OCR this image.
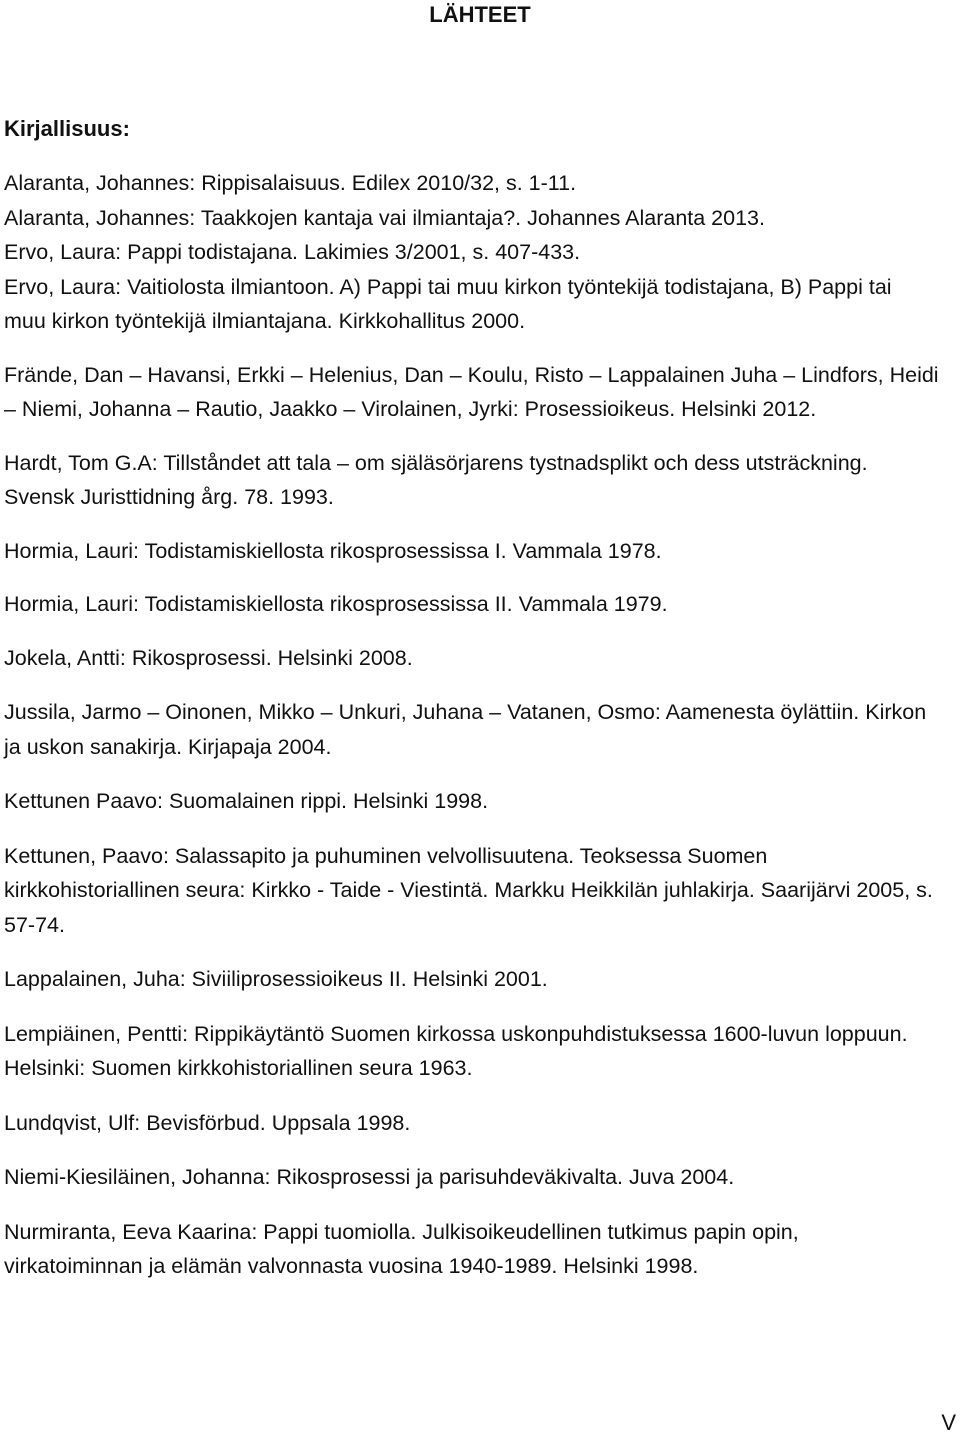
LÄHTEET
Kirjallisuus:

Alaranta, Johannes: Rippisalaisuus. Edilex 2010/32, s. 1-11.

Alaranta, Johannes: Taakkojen kantaja vai ilmiantaja?. Johannes Alaranta 2013.

Ervo, Laura: Pappi todistajana. Lakimies 3/2001, s. 407-433.

Ervo, Laura: Vaitiolosta ilmiantoon. A) Pappi tai muu kirkon työntekijä todistajana, B) Pappi tai muu kirkon työntekijä ilmiantajana. Kirkkohallitus 2000.

Frände, Dan – Havansi, Erkki – Helenius, Dan – Koulu, Risto – Lappalainen Juha – Lindfors, Heidi – Niemi, Johanna – Rautio, Jaakko – Virolainen, Jyrki: Prosessioikeus. Helsinki 2012.

Hardt, Tom G.A: Tillståndet att tala – om själäsörjarens tystnadsplikt och dess utsträckning. Svensk Juristtidning årg. 78. 1993.

Hormia, Lauri: Todistamiskiellosta rikosprosessissa I. Vammala 1978.

Hormia, Lauri: Todistamiskiellosta rikosprosessissa II. Vammala 1979.

Jokela, Antti: Rikosprosessi. Helsinki 2008.

Jussila, Jarmo – Oinonen, Mikko – Unkuri, Juhana – Vatanen, Osmo: Aamenesta öylättiin. Kirkon ja uskon sanakirja. Kirjapaja 2004.

Kettunen Paavo: Suomalainen rippi. Helsinki 1998.

Kettunen, Paavo: Salassapito ja puhuminen velvollisuutena. Teoksessa Suomen kirkkohistoriallinen seura: Kirkko - Taide - Viestintä. Markku Heikkilän juhlakirja. Saarijärvi 2005, s. 57-74.

Lappalainen, Juha: Siviiliprosessioikeus II. Helsinki 2001.

Lempiäinen, Pentti: Rippikäytäntö Suomen kirkossa uskonpuhdistuksessa 1600-luvun loppuun. Helsinki: Suomen kirkkohistoriallinen seura 1963.

Lundqvist, Ulf: Bevisförbud. Uppsala 1998.

Niemi-Kiesiläinen, Johanna: Rikosprosessi ja parisuhdeväkivalta. Juva 2004.

Nurmiranta, Eeva Kaarina: Pappi tuomiolla. Julkisoikeudellinen tutkimus papin opin, virkatoiminnan ja elämän valvonnasta vuosina 1940-1989. Helsinki 1998.

V
